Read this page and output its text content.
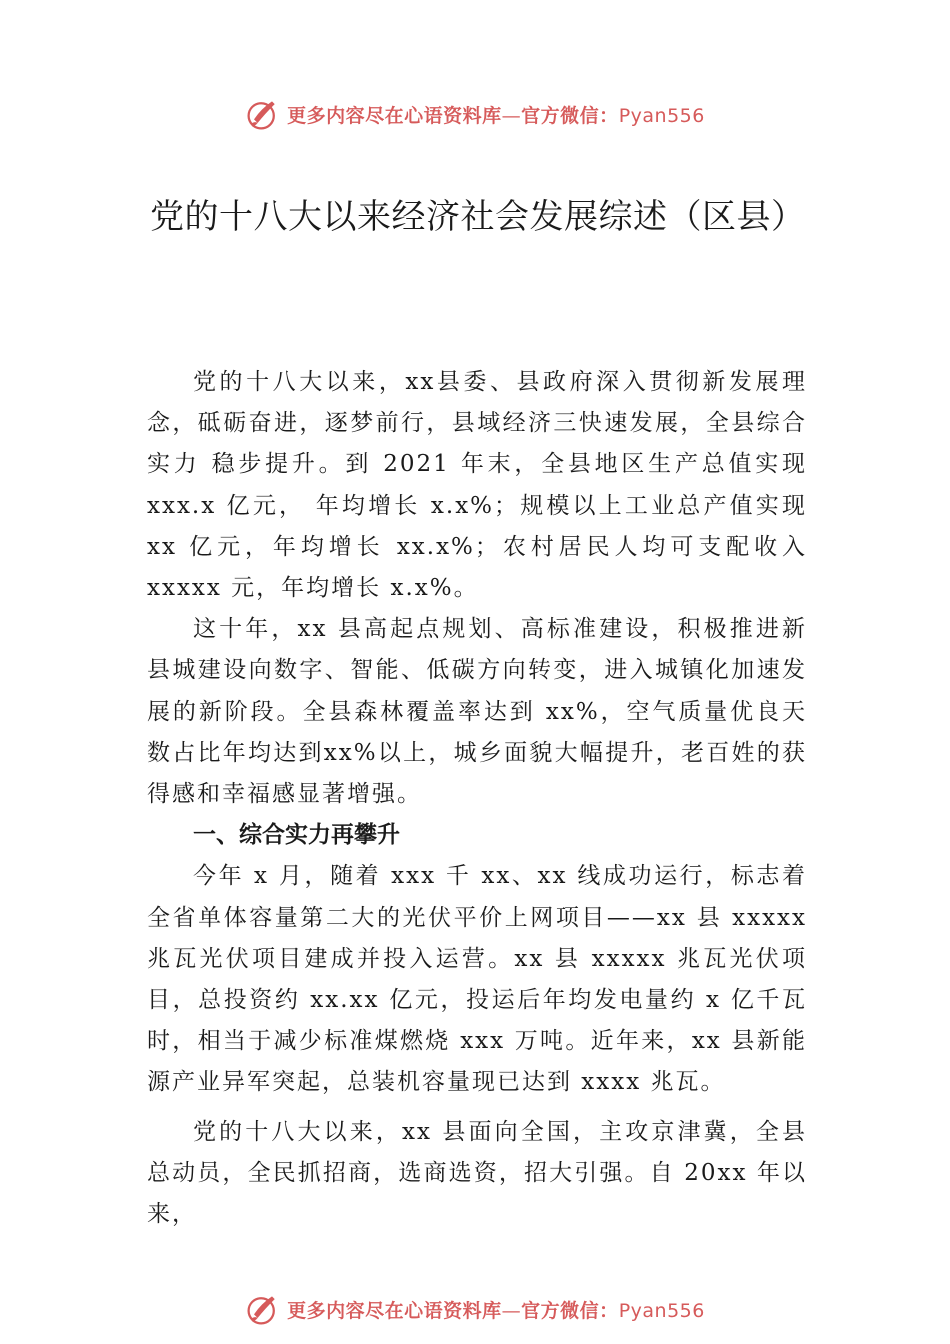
更多内容尽在心语资料库—官方微信：Pyan556
党的十八大以来经济社会发展综述（区县）

党的十八大以来，xx县委、县政府深入贯彻新发展理念，砥砺奋进，逐梦前行，县域经济三快速发展，全县综合实力 稳步提升。到 2021 年末，全县地区生产总值实现 xxx.x 亿元， 年均增长 x.x%；规模以上工业总产值实现 xx 亿元，年均增长 xx.x%；农村居民人均可支配收入 xxxxx 元，年均增长 x.x%。

这十年，xx 县高起点规划、高标准建设，积极推进新县城建设向数字、智能、低碳方向转变，进入城镇化加速发展的新阶段。全县森林覆盖率达到 xx%，空气质量优良天数占比年均达到xx%以上，城乡面貌大幅提升，老百姓的获得感和幸福感显著增强。

一、综合实力再攀升

今年 x 月，随着 xxx 千 xx、xx 线成功运行，标志着全省单体容量第二大的光伏平价上网项目——xx 县 xxxxx 兆瓦光伏项目建成并投入运营。xx 县 xxxxx 兆瓦光伏项目，总投资约 xx.xx 亿元，投运后年均发电量约 x 亿千瓦时，相当于减少标准煤燃烧 xxx 万吨。近年来，xx 县新能源产业异军突起，总装机容量现已达到 xxxx 兆瓦。

党的十八大以来，xx 县面向全国，主攻京津冀，全县总动员，全民抓招商，选商选资，招大引强。自 20xx 年以来，

更多内容尽在心语资料库—官方微信：Pyan556
